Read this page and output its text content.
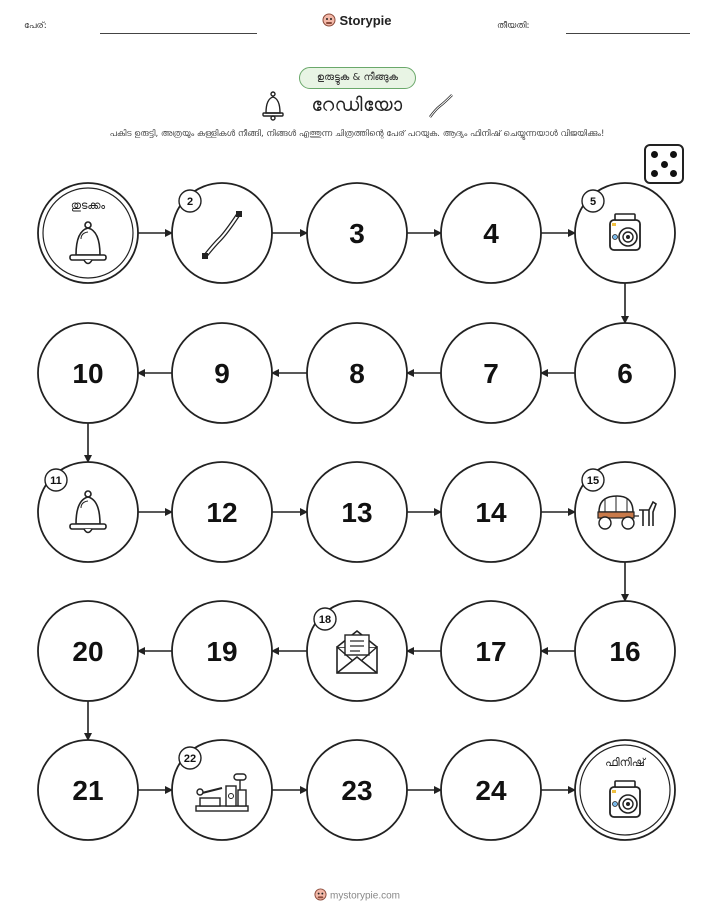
പേര്:	Storypie	തീയതി:
ഉരുട്ടുക & നീങ്ങുക
റേഡിയോ
പകിട ഉരുട്ടി, അത്രയും കള്ളികൾ നീങ്ങി, നിങ്ങൾ എത്തുന്ന ചിത്രത്തിന്റെ പേര് പറയുക. ആദ്യം ഫിനിഷ് ചെയ്യുന്നയാൾ വിജയിക്കും!
തുടക്കം	2
3	4
5
6
7
8
9
10
11
12	13	14
15
16
17
18
19
20
21
22
23	24
ഫിനിഷ്
mystorypie.com
